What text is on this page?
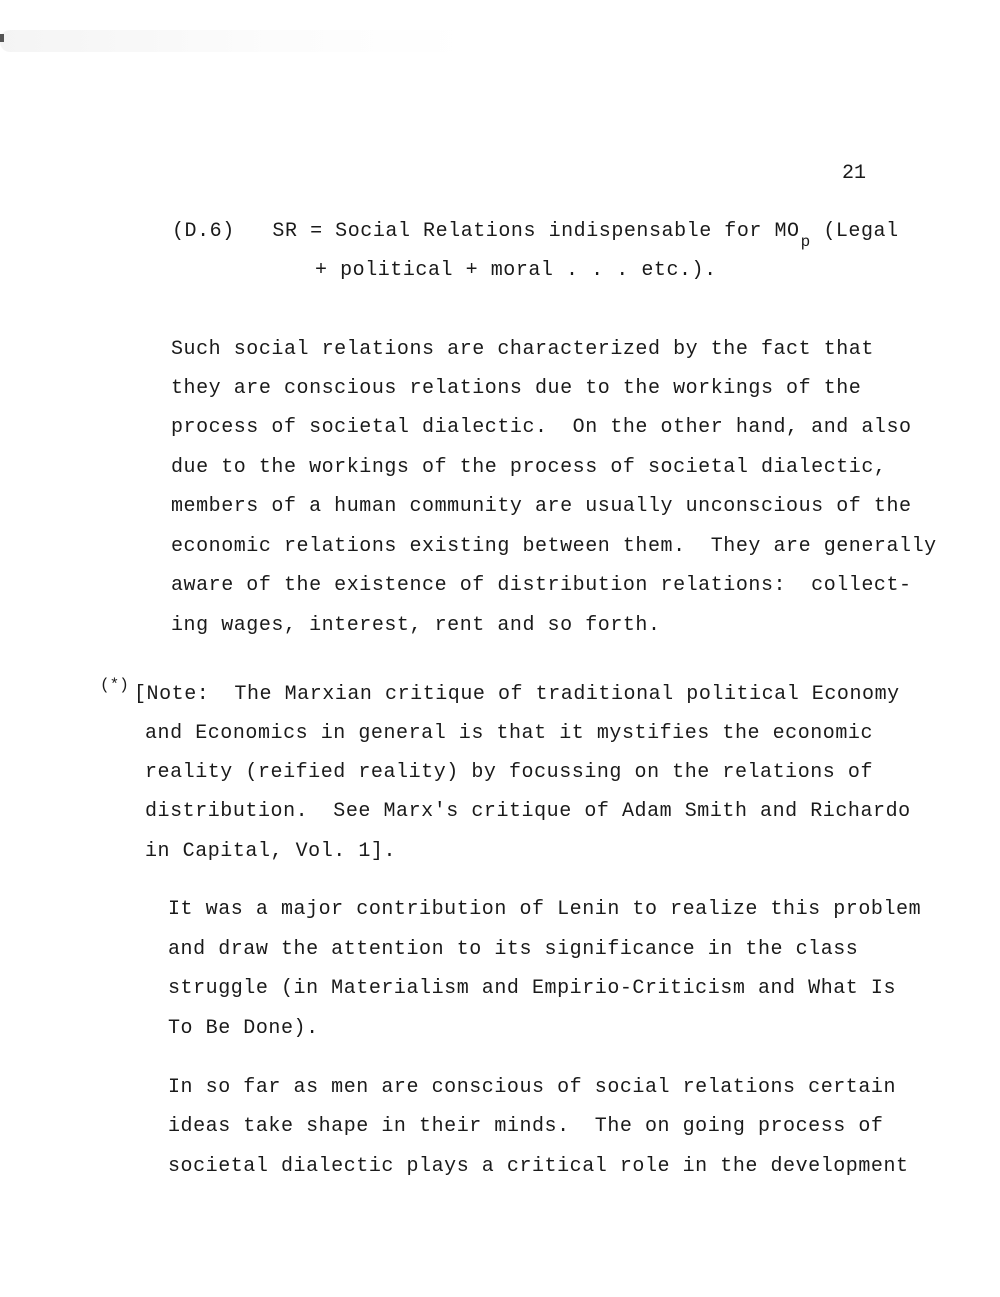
21
(D.6) SR = Social Relations indispensable for $MO_p$ (Legal
+ political + moral . . . etc.).
Such social relations are characterized by the fact that
they are conscious relations due to the workings of the
process of societal dialectic.  On the other hand, and also
due to the workings of the process of societal dialectic,
members of a human community are usually unconscious of the
economic relations existing between them.  They are generally
aware of the existence of distribution relations:  collect-
ing wages, interest, rent and so forth.
(*) [Note:  The Marxian critique of traditional political Economy
and Economics in general is that it mystifies the economic
reality (reified reality) by focussing on the relations of
distribution.  See Marx's critique of Adam Smith and Richardo
in Capital, Vol. 1].
It was a major contribution of Lenin to realize this problem
and draw the attention to its significance in the class
struggle (in Materialism and Empirio-Criticism and What Is
To Be Done).
In so far as men are conscious of social relations certain
ideas take shape in their minds.  The on going process of
societal dialectic plays a critical role in the development
